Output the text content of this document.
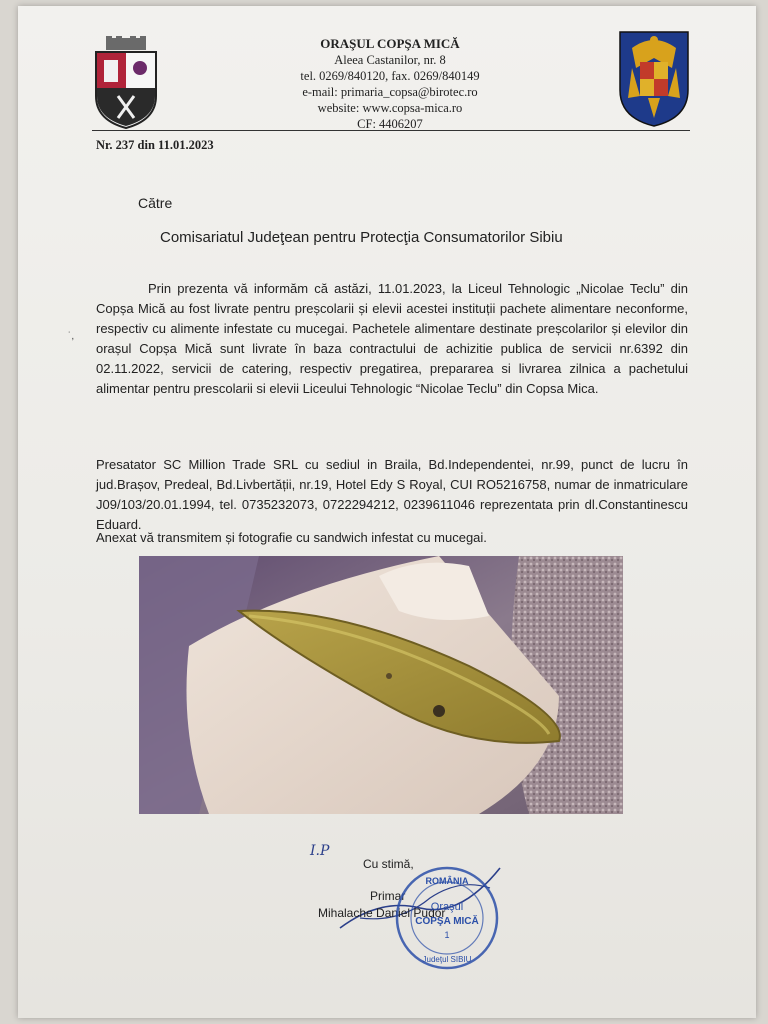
ORAŞUL COPŞA MICĂ
Aleea Castanilor, nr. 8
tel. 0269/840120, fax. 0269/840149
e-mail: primaria_copsa@birotec.ro
website: www.copsa-mica.ro
CF: 4406207
Nr. 237 din 11.01.2023
Către
Comisariatul Judeţean pentru Protecţia Consumatorilor Sibiu
˙,
Prin prezenta vă informăm că astăzi, 11.01.2023, la Liceul Tehnologic „Nicolae Teclu” din Copșa Mică au fost livrate pentru preșcolarii și elevii acestei instituții pachete alimentare neconforme, respectiv cu alimente infestate cu mucegai. Pachetele alimentare destinate preșcolarilor și elevilor din orașul Copșa Mică sunt livrate în baza contractului de achizitie publica de servicii nr.6392 din 02.11.2022, servicii de catering, respectiv pregatirea, prepararea si livrarea zilnica a pachetului alimentar pentru prescolarii si elevii Liceului Tehnologic “Nicolae Teclu” din Copsa Mica.
Presatator SC Million Trade SRL cu sediul in Braila, Bd.Independentei, nr.99, punct de lucru în jud.Brașov, Predeal, Bd.Livbertății, nr.19, Hotel Edy S Royal, CUI RO5216758, numar de inmatriculare J09/103/20.01.1994, tel. 0735232073, 0722294212, 0239611046 reprezentata prin dl.Constantinescu Eduard.
Anexat vă transmitem și fotografie cu sandwich infestat cu mucegai.
I.P
Cu stimă,
Primar
Mihalache Daniel Pudor
ROMÂNIA
Oraşul
COPŞA MICĂ
1
Judeţul SIBIU
